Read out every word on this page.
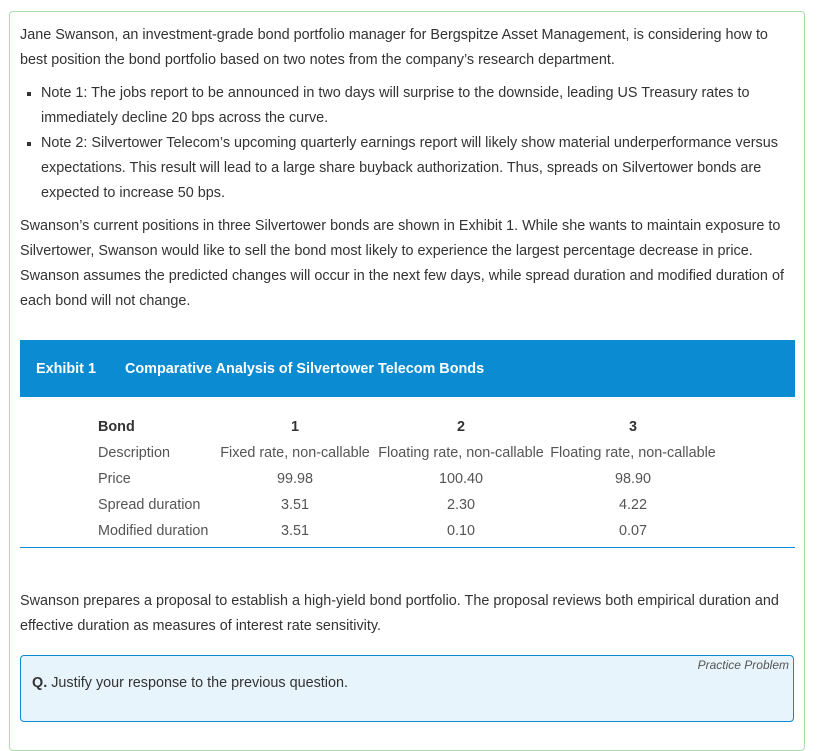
Jane Swanson, an investment-grade bond portfolio manager for Bergspitze Asset Management, is considering how to best position the bond portfolio based on two notes from the company’s research department.

Note 1: The jobs report to be announced in two days will surprise to the downside, leading US Treasury rates to immediately decline 20 bps across the curve.
Note 2: Silvertower Telecom’s upcoming quarterly earnings report will likely show material underperformance versus expectations. This result will lead to a large share buyback authorization. Thus, spreads on Silvertower bonds are expected to increase 50 bps.

Swanson’s current positions in three Silvertower bonds are shown in Exhibit 1. While she wants to maintain exposure to Silvertower, Swanson would like to sell the bond most likely to experience the largest percentage decrease in price. Swanson assumes the predicted changes will occur in the next few days, while spread duration and modified duration of each bond will not change.

Exhibit 1	Comparative Analysis of Silvertower Telecom Bonds
Bond	1	2	3
Description	Fixed rate, non-callable	Floating rate, non-callable	Floating rate, non-callable
Price	99.98	100.40	98.90
Spread duration	3.51	2.30	4.22
Modified duration	3.51	0.10	0.07

Swanson prepares a proposal to establish a high-yield bond portfolio. The proposal reviews both empirical duration and effective duration as measures of interest rate sensitivity.

Practice Problem
Q. Justify your response to the previous question.
